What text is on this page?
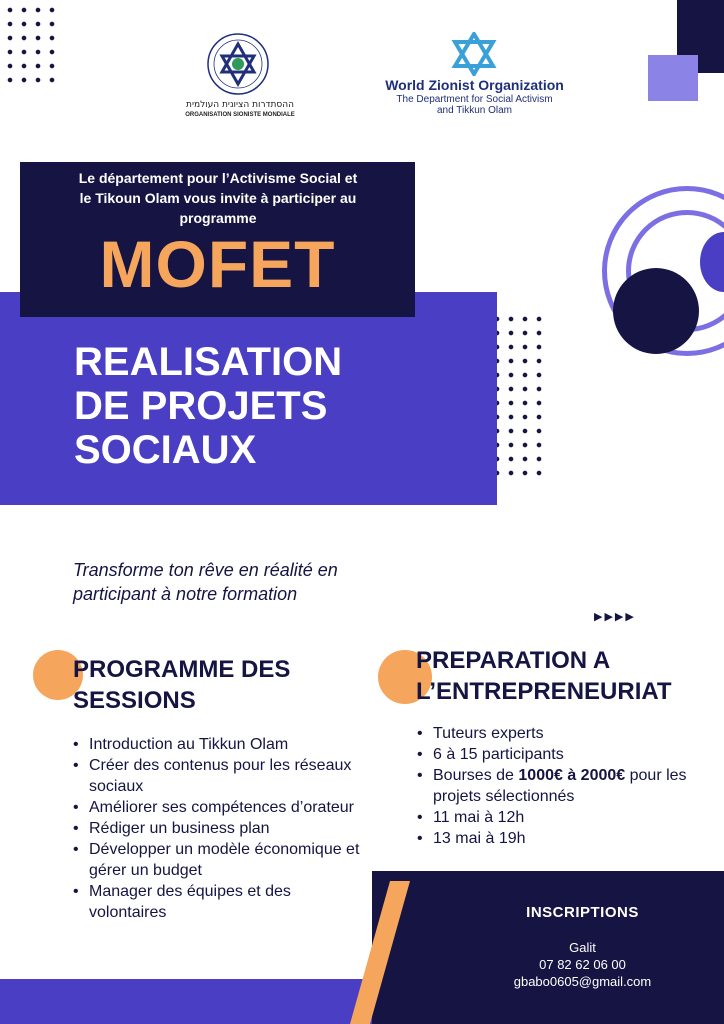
ההסתדרות הציונית העולמית
ORGANISATION SIONISTE MONDIALE
World Zionist Organization
The Department for Social Activism
and Tikkun Olam
REALISATION
DE PROJETS
SOCIAUX
Le département pour l’Activisme Social et
le Tikoun Olam vous invite à participer au
programme
MOFET
Transforme ton rêve en réalité en
participant à notre formation
▶▶▶▶
PROGRAMME DES
SESSIONS
• Introduction au Tikkun Olam
• Créer des contenus pour les réseaux sociaux
• Améliorer ses compétences d’orateur
• Rédiger un business plan
• Développer un modèle économique et gérer un budget
• Manager des équipes et des volontaires
PREPARATION A
L’ENTREPRENEURIAT
• Tuteurs experts
• 6 à 15 participants
• Bourses de 1000€ à 2000€ pour les projets sélectionnés
• 11 mai à 12h
• 13 mai à 19h
INSCRIPTIONS
Galit
07 82 62 06 00
gbabo0605@gmail.com
